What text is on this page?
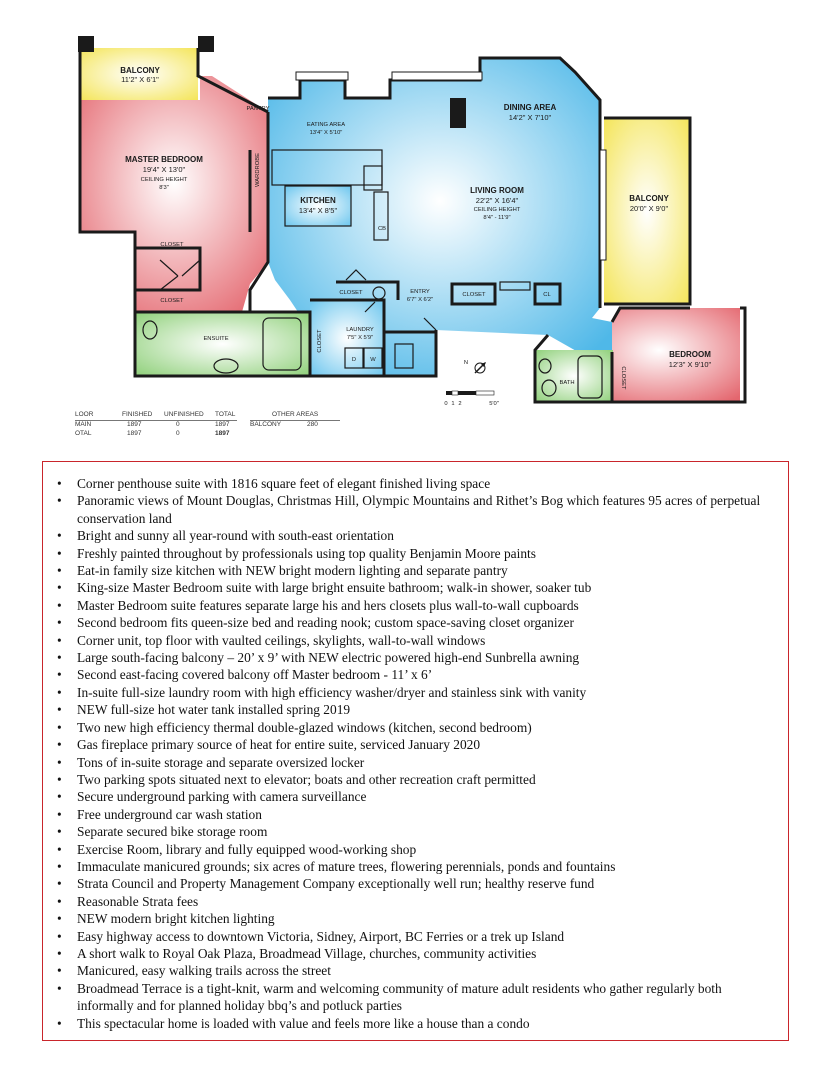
BALCONY
11'2" X 6'1"
MASTER BEDROOM
19'4" X 13'0"
CEILING HEIGHT
8'3"
WARDROBE
PANTRY
EATING AREA
13'4" X 5'10"
KITCHEN
13'4" X 8'5"
CB
DINING AREA
14'2" X 7'10"
LIVING ROOM
22'2" X 16'4"
CEILING HEIGHT
8'4" - 11'9"
BALCONY
20'0" X 9'0"
CLOSET
CLOSET
ENSUITE	CLOSET
CLOSET
LAUNDRY
7'5" X 5'9"
D W
ENTRY
6'7" X 6'2"
CLOSET	CL
BATH
BEDROOM
12'3" X 9'10"
CLOSET
N
0 1 2	5'0"
LOOR	FINISHED UNFINISHED TOTAL
MAIN	1897	0	1897
OTAL	1897	0	1897
OTHER AREAS
BALCONY	280
• Corner penthouse suite with 1816 square feet of elegant finished living space
• Panoramic views of Mount Douglas, Christmas Hill, Olympic Mountains and Rithet’s Bog which features 95 acres of perpetual conservation land
• Bright and sunny all year-round with south-east orientation
• Freshly painted throughout by professionals using top quality Benjamin Moore paints
• Eat-in family size kitchen with NEW bright modern lighting and separate pantry
• King-size Master Bedroom suite with large bright ensuite bathroom; walk-in shower, soaker tub
• Master Bedroom suite features separate large his and hers closets plus wall-to-wall cupboards
• Second bedroom fits queen-size bed and reading nook; custom space-saving closet organizer
• Corner unit, top floor with vaulted ceilings, skylights, wall-to-wall windows
• Large south-facing balcony – 20’ x 9’ with NEW electric powered high-end Sunbrella awning
• Second east-facing covered balcony off Master bedroom - 11’ x 6’
• In-suite full-size laundry room with high efficiency washer/dryer and stainless sink with vanity
• NEW full-size hot water tank installed spring 2019
• Two new high efficiency thermal double-glazed windows (kitchen, second bedroom)
• Gas fireplace primary source of heat for entire suite, serviced January 2020
• Tons of in-suite storage and separate oversized locker
• Two parking spots situated next to elevator; boats and other recreation craft permitted
• Secure underground parking with camera surveillance
• Free underground car wash station
• Separate secured bike storage room
• Exercise Room, library and fully equipped wood-working shop
• Immaculate manicured grounds; six acres of mature trees, flowering perennials, ponds and fountains
• Strata Council and Property Management Company exceptionally well run; healthy reserve fund
• Reasonable Strata fees
• NEW modern bright kitchen lighting
• Easy highway access to downtown Victoria, Sidney, Airport, BC Ferries or a trek up Island
• A short walk to Royal Oak Plaza, Broadmead Village, churches, community activities
• Manicured, easy walking trails across the street
• Broadmead Terrace is a tight-knit, warm and welcoming community of mature adult residents who gather regularly both informally and for planned holiday bbq’s and potluck parties
• This spectacular home is loaded with value and feels more like a house than a condo
